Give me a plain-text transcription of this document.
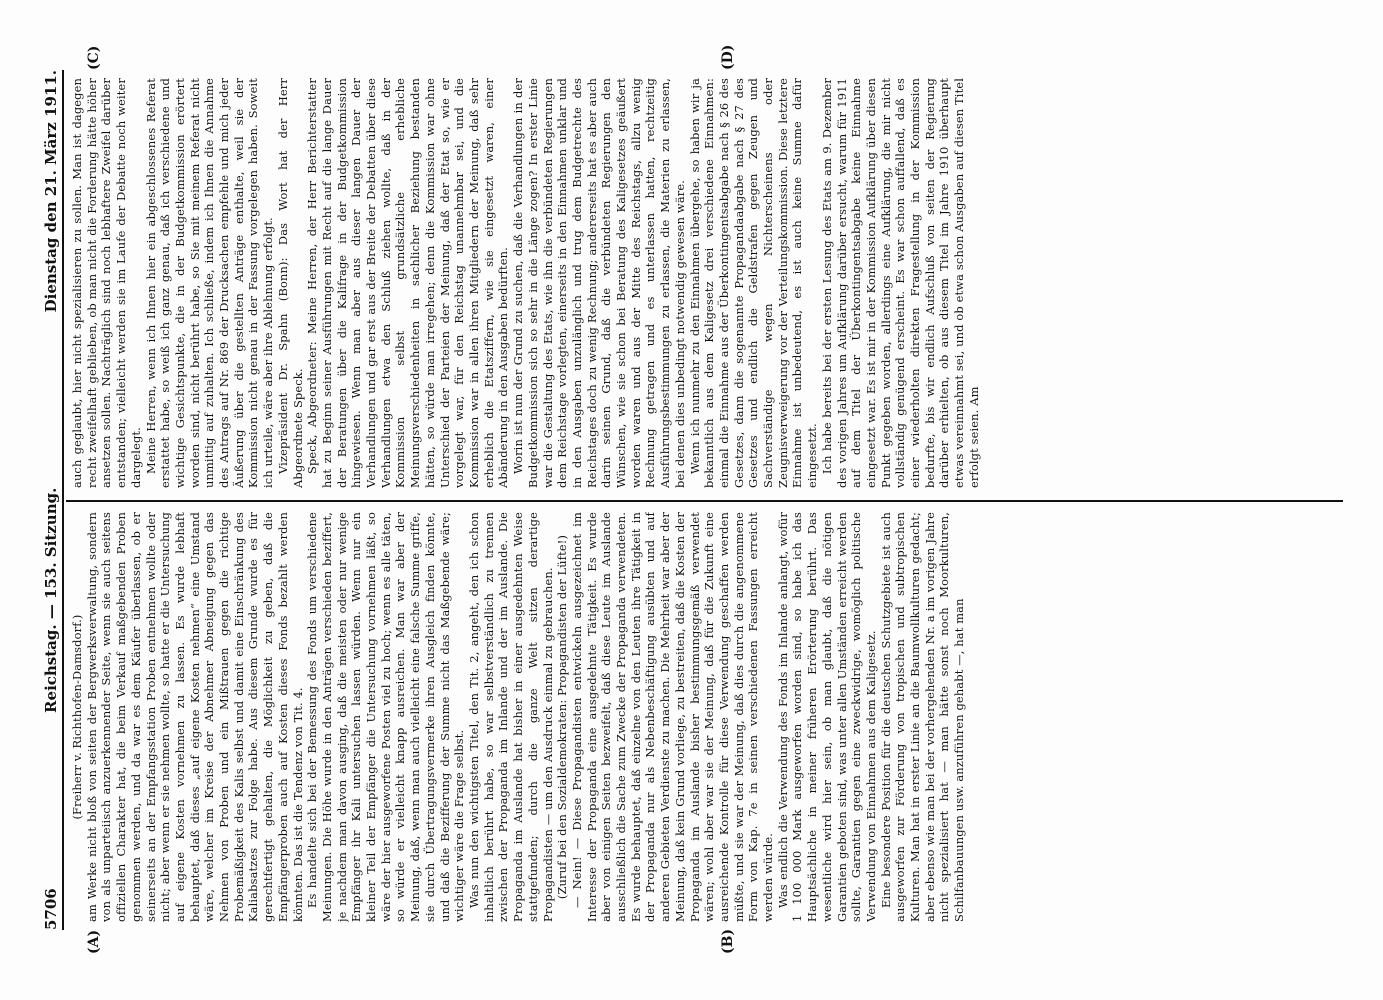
5706
Reichstag. — 153. Sitzung.
Dienstag den 21. März 1911.
(A)	(B)
(C)	(D)

(Freiherr v. Richthofen-Damsdorf.) am Werke nicht bloß von seiten der Bergwerksverwaltung, sondern von als unparteiisch anzuerkennender Seite, wenn sie auch seitens offiziellen Charakter hat, die beim Verkauf maßgebenden Proben genommen werden, und da war es dem Käufer überlassen, ob er seinerseits an der Empfangsstation Proben entnehmen wollte oder nicht; aber wenn er sie nehmen wollte, so hatte er die Untersuchung auf eigene Kosten vornehmen zu lassen. Es wurde lebhaft behauptet, daß dieses „auf eigene Kosten nehmen“ eine Umstand wäre, welcher im Kreise der Abnehmer Abneigung gegen das Nehmen von Proben und ein Mißtrauen gegen die richtige Probemäßigkeit des Kalis selbst und damit eine Einschränkung des Kaliabsatzes zur Folge habe. Aus diesem Grunde wurde es für gerechtfertigt gehalten, die Möglichkeit zu geben, daß die Empfängerproben auch auf Kosten dieses Fonds bezahlt werden könnten. Das ist die Tendenz von Tit. 4. Es handelte sich bei der Bemessung des Fonds um verschiedene Meinungen. Die Höhe wurde in den Anträgen verschieden beziffert, je nachdem man davon ausging, daß die meisten oder nur wenige Empfänger ihr Kali untersuchen lassen würden. Wenn nur ein kleiner Teil der Empfänger die Untersuchung vornehmen läßt, so wäre der hier ausgeworfene Posten viel zu hoch; wenn es alle täten, so würde er vielleicht knapp ausreichen. Man war aber der Meinung, daß, wenn man auch vielleicht eine falsche Summe griffe, sie durch Übertragungsvermerke ihren Ausgleich finden könnte, und daß die Bezifferung der Summe nicht das Maßgebende wäre; wichtiger wäre die Frage selbst. Was nun den wichtigsten Titel, den Tit. 2, angeht, den ich schon inhaltlich berührt habe, so war selbstverständlich zu trennen zwischen der Propaganda im Inlande und der im Auslande. Die Propaganda im Auslande hat bisher in einer ausgedehnten Weise stattgefunden; durch die ganze Welt sitzen derartige Propagandisten — um den Ausdruck einmal zu gebrauchen. (Zuruf bei den Sozialdemokraten: Propagandisten der Lüfte!) — Nein! — Diese Propagandisten entwickeln ausgezeichnet im Interesse der Propaganda eine ausgedehnte Tätigkeit. Es wurde aber von einigen Seiten bezweifelt, daß diese Leute im Auslande ausschließlich die Sache zum Zwecke der Propaganda verwendeten. Es wurde behauptet, daß einzelne von den Leuten ihre Tätigkeit in der Propaganda nur als Nebenbeschäftigung ausübten und auf anderen Gebieten Verdienste zu machen. Die Mehrheit war aber der Meinung, daß kein Grund vorliege, zu bestreiten, daß die Kosten der Propaganda im Auslande bisher bestimmungsgemäß verwendet wären; wohl aber war sie der Meinung, daß für die Zukunft eine ausreichende Kontrolle für diese Verwendung geschaffen werden müßte, und sie war der Meinung, daß dies durch die angenommene Form von Kap. 7e in seinen verschiedenen Fassungen erreicht werden würde. Was endlich die Verwendung des Fonds im Inlande anlangt, wofür 1 100 000 Mark ausgeworfen worden sind, so habe ich das Hauptsächliche in meiner früheren Erörterung berührt. Das wesentliche wird hier sein, ob man glaubt, daß die nötigen Garantien geboten sind, was unter allen Umständen erreicht werden sollte, Garantien gegen eine zweckwidrige, womöglich politische Verwendung von Einnahmen aus dem Kaligesetz. Eine besondere Position für die deutschen Schutzgebiete ist auch ausgeworfen zur Förderung von tropischen und subtropischen Kulturen. Man hat in erster Linie an die Baumwollkulturen gedacht; aber ebenso wie man bei der vorhergehenden Nr. a im vorigen Jahre nicht spezialisiert hat — man hätte sonst noch Moorkulturen, Schilfanbauungen usw. anzuführen gehabt —, hat man

auch geglaubt, hier nicht spezialisieren zu sollen. Man ist dagegen recht zweifelhaft geblieben, ob man nicht die Forderung hätte höher ansetzen sollen. Nachträglich sind noch lebhaftere Zweifel darüber entstanden; vielleicht werden sie im Laufe der Debatte noch weiter dargelegt. Meine Herren, wenn ich Ihnen hier ein abgeschlossenes Referat erstattet habe, so weiß ich ganz genau, daß ich verschiedene und wichtige Gesichtspunkte, die in der Budgetkommission erörtert worden sind, nicht berührt habe, so Sie mit meinem Referat nicht unmittig auf zuhalten. Ich schließe, indem ich Ihnen die Annahme des Antrags auf Nr. 869 der Drucksachen empfehle und mich jeder Äußerung über die gestellten Anträge enthalte, weil sie der Kommission nicht genau in der Fassung vorgelegen haben. Soweit ich urteile, wäre aber ihre Ablehnung erfolgt. Vizepräsident Dr. Spahn (Bonn): Das Wort hat der Herr Abgeordnete Speck. Speck, Abgeordneter: Meine Herren, der Herr Berichterstatter hat zu Beginn seiner Ausführungen mit Recht auf die lange Dauer der Beratungen über die Kalifrage in der Budgetkommission hingewiesen. Wenn man aber aus dieser langen Dauer der Verhandlungen und gar erst aus der Breite der Debatten über diese Verhandlungen etwa den Schluß ziehen wollte, daß in der Kommission selbst grundsätzliche erhebliche Meinungsverschiedenheiten in sachlicher Beziehung bestanden hätten, so würde man irregehen; denn die Kommission war ohne Unterschied der Parteien der Meinung, daß der Etat so, wie er vorgelegt war, für den Reichstag unannehmbar sei, und die Kommission war in allen ihren Mitgliedern der Meinung, daß sehr erheblich die Etatsziffern, wie sie eingesetzt waren, einer Abänderung in den Ausgaben bedürften. Worin ist nun der Grund zu suchen, daß die Verhandlungen in der Budgetkommission sich so sehr in die Länge zogen? In erster Linie war die Gestaltung des Etats, wie ihn die verbündeten Regierungen dem Reichstage vorlegten, einerseits in den Einnahmen unklar und in den Ausgaben unzulänglich und trug dem Budgetrechte des Reichstages doch zu wenig Rechnung; andererseits hat es aber auch darin seinen Grund, daß die verbündeten Regierungen den Wünschen, wie sie schon bei Beratung des Kaligesetzes geäußert worden waren und aus der Mitte des Reichstags, allzu wenig Rechnung getragen und es unterlassen hatten, rechtzeitig Ausführungsbestimmungen zu erlassen, die Materien zu erlassen, bei denen dies unbedingt notwendig gewesen wäre. Wenn ich nunmehr zu den Einnahmen übergehe, so haben wir ja bekanntlich aus dem Kaligesetz drei verschiedene Einnahmen: einmal die Einnahme aus der Überkontingentsabgabe nach § 26 des Gesetzes, dann die sogenannte Propagandaabgabe nach § 27 des Gesetzes und endlich die Geldstrafen gegen Zeugen und Sachverständige wegen Nichterscheinens oder Zeugnisverweigerung vor der Verteilungskommission. Diese letztere Einnahme ist unbedeutend, es ist auch keine Summe dafür eingesetzt. Ich habe bereits bei der ersten Lesung des Etats am 9. Dezember des vorigen Jahres um Aufklärung darüber ersucht, warum für 1911 auf dem Titel der Überkontingentsabgabe keine Einnahme eingesetzt war. Es ist mir in der Kommission Aufklärung über diesen Punkt gegeben worden, allerdings eine Aufklärung, die mir nicht vollständig genügend erscheint. Es war schon auffallend, daß es einer wiederholten direkten Fragestellung in der Kommission bedurfte, bis wir endlich Aufschluß von seiten der Regierung darüber erhielten, ob aus diesem Titel im Jahre 1910 überhaupt etwas vereinnahmt sei, und ob etwa schon Ausgaben auf diesen Titel erfolgt seien. Am
